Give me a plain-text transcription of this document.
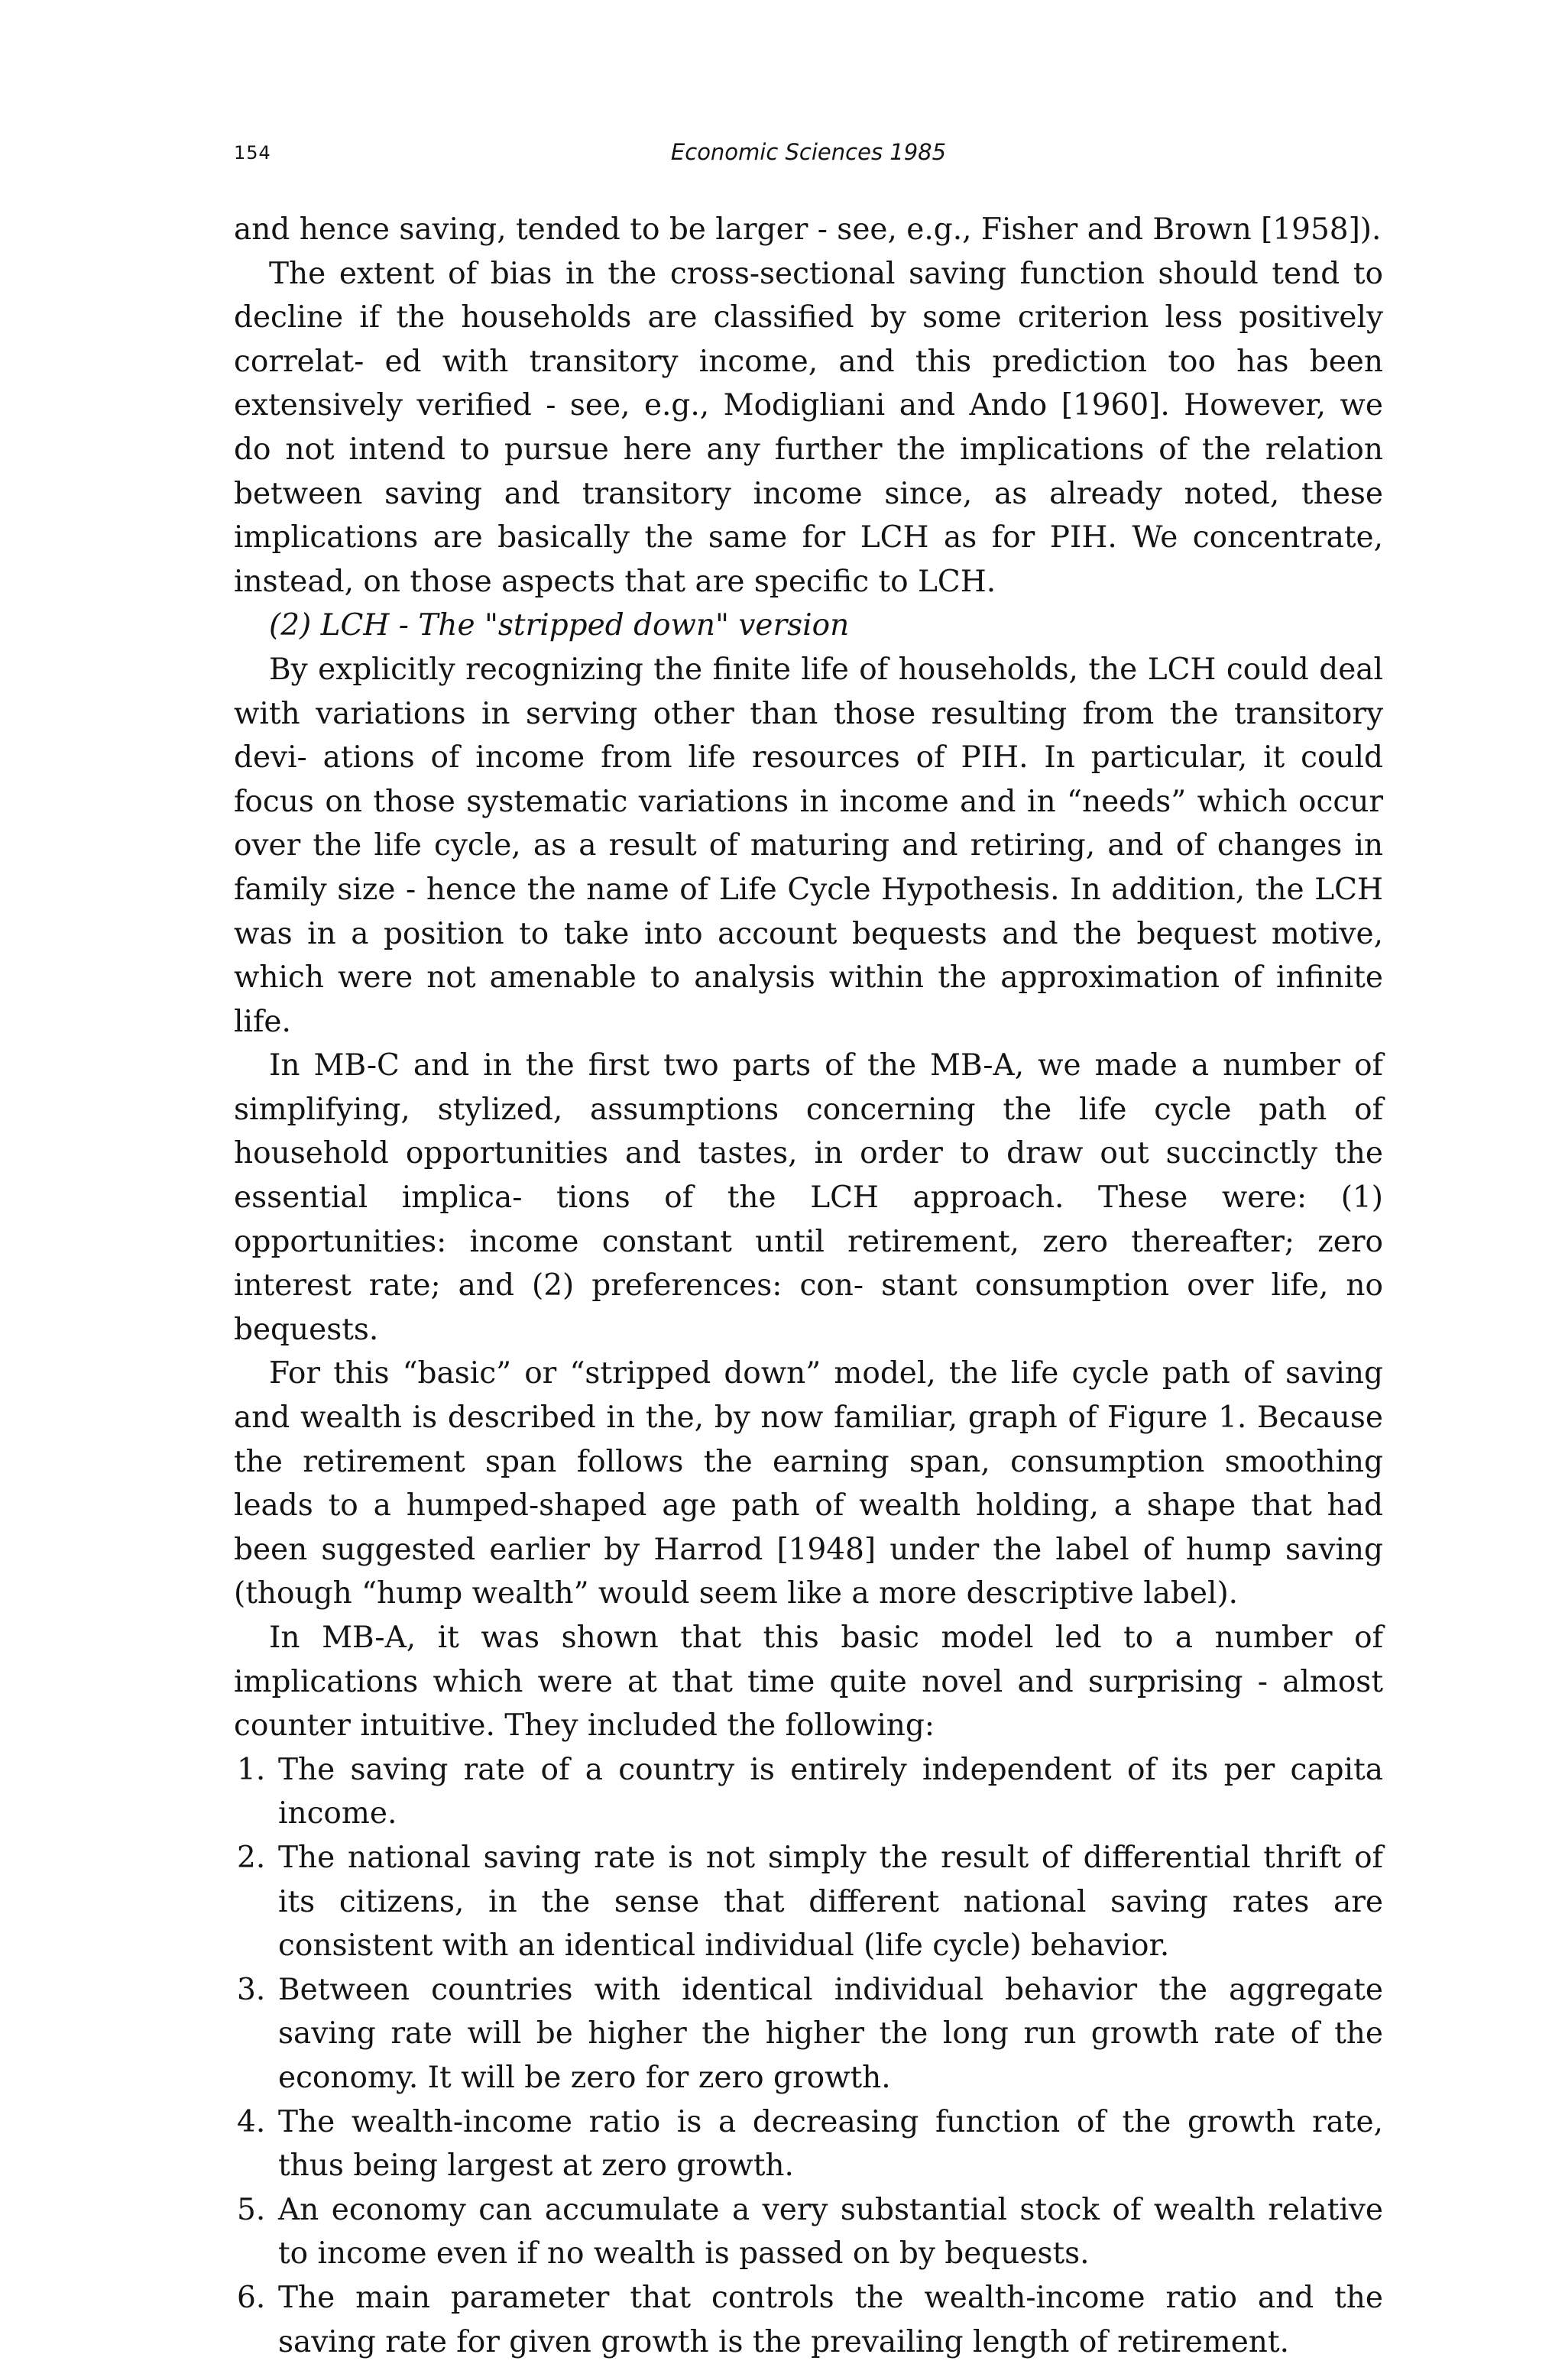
154	Economic Sciences 1985

and hence saving, tended to be larger - see, e.g., Fisher and Brown [1958]).

The extent of bias in the cross-sectional saving function should tend to decline if the households are classified by some criterion less positively correlat- ed with transitory income, and this prediction too has been extensively verified - see, e.g., Modigliani and Ando [1960]. However, we do not intend to pursue here any further the implications of the relation between saving and transitory income since, as already noted, these implications are basically the same for LCH as for PIH. We concentrate, instead, on those aspects that are specific to LCH.

(2) LCH - The "stripped down" version

By explicitly recognizing the finite life of households, the LCH could deal with variations in serving other than those resulting from the transitory devi- ations of income from life resources of PIH. In particular, it could focus on those systematic variations in income and in “needs” which occur over the life cycle, as a result of maturing and retiring, and of changes in family size - hence the name of Life Cycle Hypothesis. In addition, the LCH was in a position to take into account bequests and the bequest motive, which were not amenable to analysis within the approximation of infinite life.

In MB-C and in the first two parts of the MB-A, we made a number of simplifying, stylized, assumptions concerning the life cycle path of household opportunities and tastes, in order to draw out succinctly the essential implica- tions of the LCH approach. These were: (1) opportunities: income constant until retirement, zero thereafter; zero interest rate; and (2) preferences: con- stant consumption over life, no bequests.

For this “basic” or “stripped down” model, the life cycle path of saving and wealth is described in the, by now familiar, graph of Figure 1. Because the retirement span follows the earning span, consumption smoothing leads to a humped-shaped age path of wealth holding, a shape that had been suggested earlier by Harrod [1948] under the label of hump saving (though “hump wealth” would seem like a more descriptive label).

In MB-A, it was shown that this basic model led to a number of implications which were at that time quite novel and surprising - almost counter intuitive. They included the following:

1. The saving rate of a country is entirely independent of its per capita income.
2. The national saving rate is not simply the result of differential thrift of its citizens, in the sense that different national saving rates are consistent with an identical individual (life cycle) behavior.
3. Between countries with identical individual behavior the aggregate saving rate will be higher the higher the long run growth rate of the economy. It will be zero for zero growth.
4. The wealth-income ratio is a decreasing function of the growth rate, thus being largest at zero growth.
5. An economy can accumulate a very substantial stock of wealth relative to income even if no wealth is passed on by bequests.
6. The main parameter that controls the wealth-income ratio and the saving rate for given growth is the prevailing length of retirement.
